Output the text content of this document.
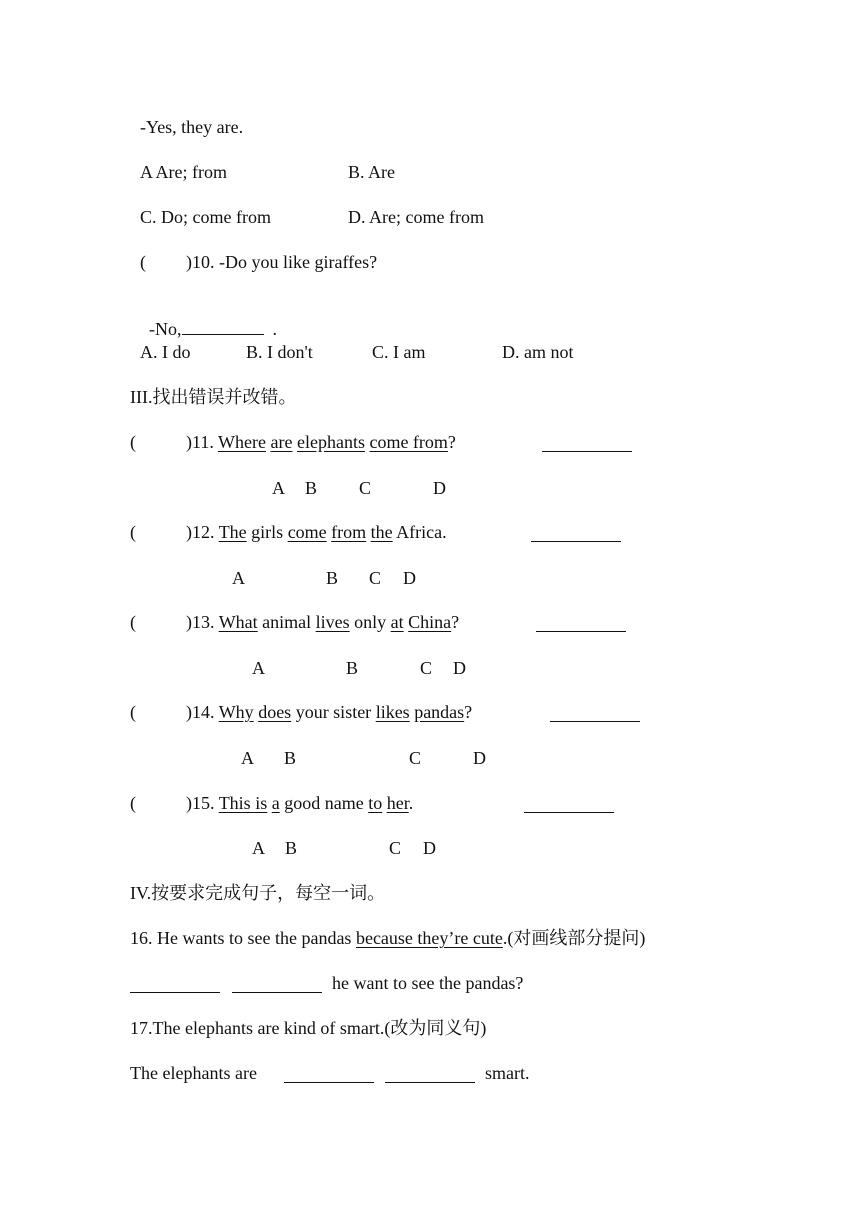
-Yes, they are.
A Are; from	B. Are
C. Do; come from	D. Are; come from
( )10. -Do you like giraffes?

-No,	.

A. I do	B. I don't	C. I am	D. am not
III.找出错误并改错。
(	)11. Where are elephants come from?
A B C	D
(	)12. The girls come from the Africa.
A	B C D
(	)13. What animal lives only at China?
A	B	C D
(	)14. Why does your sister likes pandas?
A B	C	D
(	)15. This is a good name to her.
A B	C D
IV.按要求完成句子，每空一词。
16. He wants to see the pandas because they’re cute.(对画线部分提问)
he want to see the pandas?
17.The elephants are kind of smart.(改为同义句)
The elephants are	smart.
